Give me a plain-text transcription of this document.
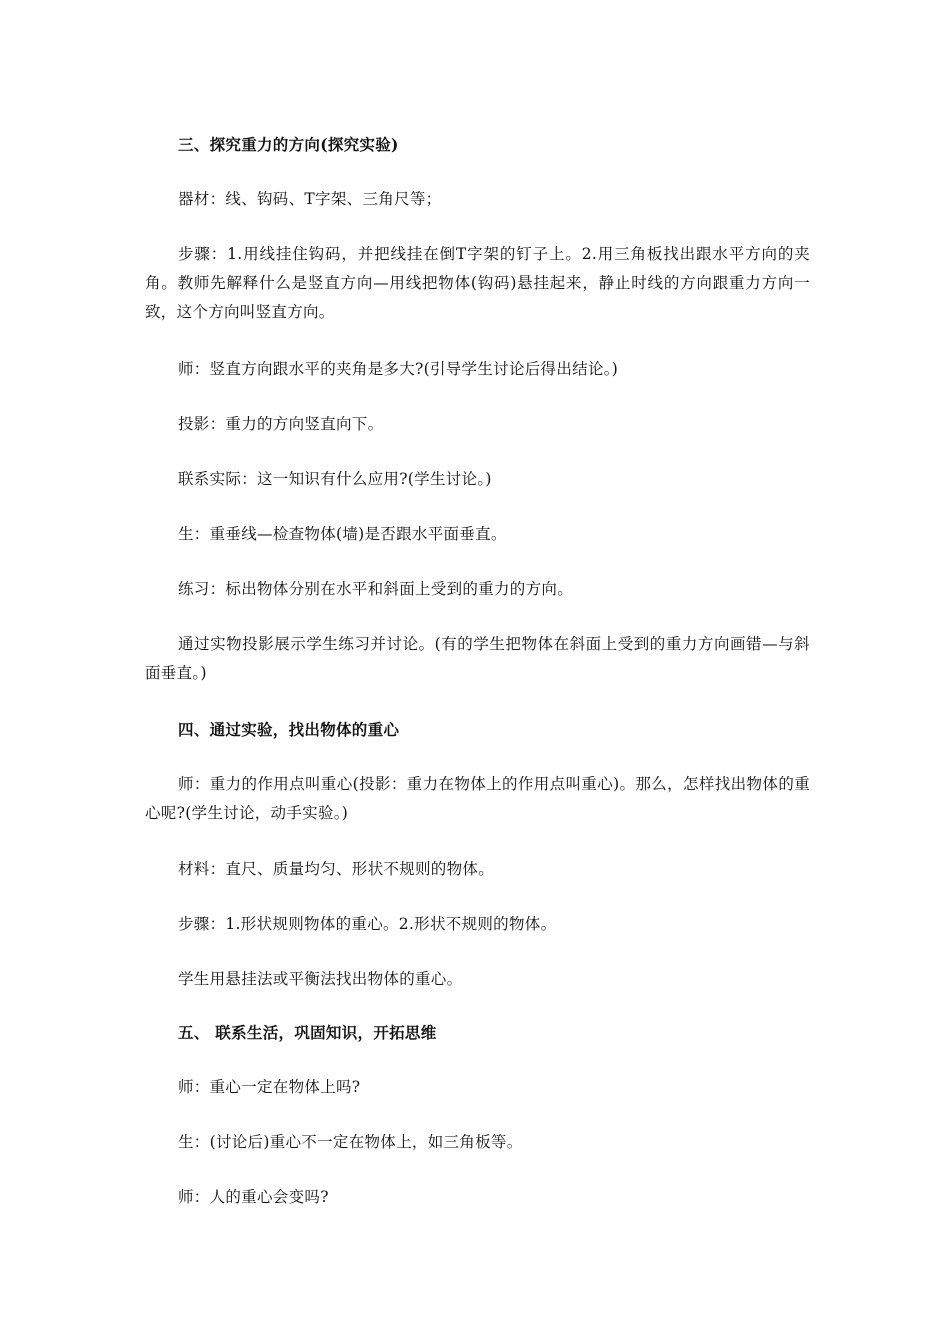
三、探究重力的方向(探究实验)

器材：线、钩码、T字架、三角尺等；

步骤：1.用线挂住钩码，并把线挂在倒T字架的钉子上。2.用三角板找出跟水平方向的夹角。教师先解释什么是竖直方向—用线把物体(钩码)悬挂起来，静止时线的方向跟重力方向一致，这个方向叫竖直方向。

师：竖直方向跟水平的夹角是多大?(引导学生讨论后得出结论。)

投影：重力的方向竖直向下。

联系实际：这一知识有什么应用?(学生讨论。)

生：重垂线—检查物体(墙)是否跟水平面垂直。

练习：标出物体分别在水平和斜面上受到的重力的方向。

通过实物投影展示学生练习并讨论。(有的学生把物体在斜面上受到的重力方向画错—与斜面垂直。)

四、通过实验，找出物体的重心

师：重力的作用点叫重心(投影：重力在物体上的作用点叫重心)。那么，怎样找出物体的重心呢?(学生讨论，动手实验。)

材料：直尺、质量均匀、形状不规则的物体。

步骤：1.形状规则物体的重心。2.形状不规则的物体。

学生用悬挂法或平衡法找出物体的重心。

五、 联系生活，巩固知识，开拓思维

师：重心一定在物体上吗?

生：(讨论后)重心不一定在物体上，如三角板等。

师：人的重心会变吗?
